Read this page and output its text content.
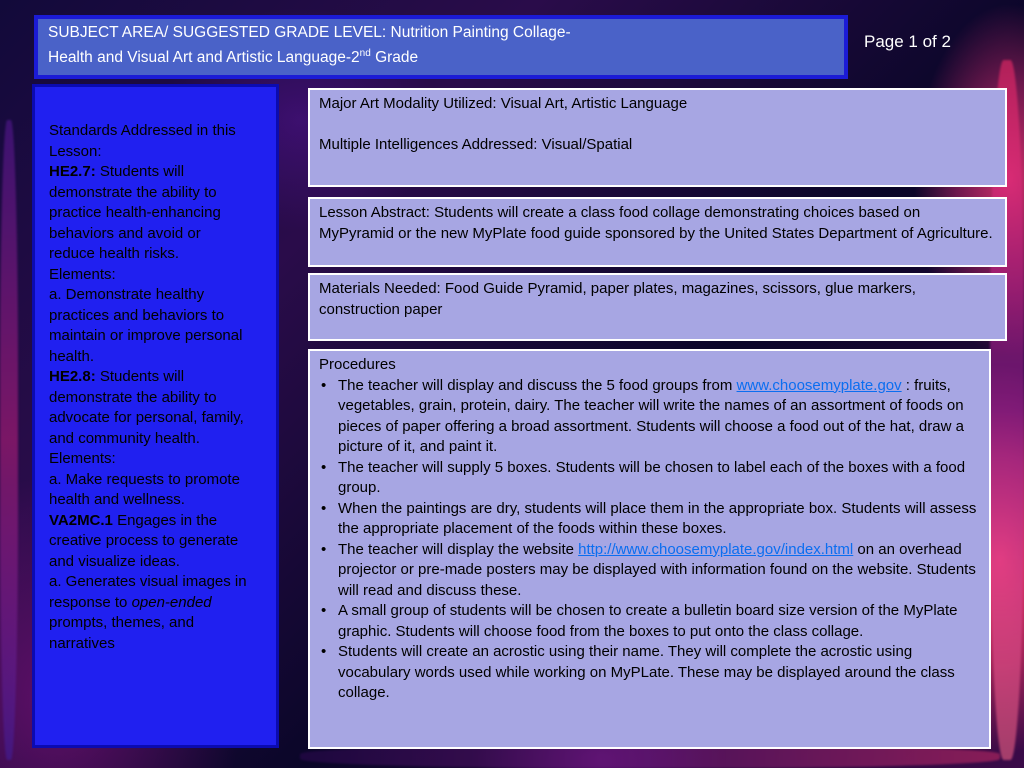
SUBJECT AREA/ SUGGESTED GRADE LEVEL: Nutrition Painting Collage-
Health and Visual Art and Artistic Language-2nd Grade
Page 1 of 2

Standards Addressed in this Lesson:

HE2.7: Students will demonstrate the ability to practice health-enhancing behaviors and avoid or reduce health risks.

Elements:

a. Demonstrate healthy practices and behaviors to maintain or improve personal health.

HE2.8: Students will demonstrate the ability to advocate for personal, family, and community health.

Elements:

a. Make requests to promote health and wellness.

VA2MC.1 Engages in the creative process to generate and visualize ideas.

a. Generates visual images in response to open-ended prompts, themes, and narratives

Major Art Modality Utilized: Visual Art, Artistic Language

Multiple Intelligences Addressed: Visual/Spatial

Lesson Abstract: Students will create a class food collage demonstrating choices based on MyPyramid or the new MyPlate food guide sponsored by the United States Department of Agriculture.
Materials Needed: Food Guide Pyramid, paper plates, magazines, scissors, glue markers, construction paper

Procedures

• The teacher will display and discuss the 5 food groups from www.choosemyplate.gov : fruits, vegetables, grain, protein, dairy. The teacher will write the names of an assortment of foods on pieces of paper offering a broad assortment. Students will choose a food out of the hat, draw a picture of it, and paint it.
• The teacher will supply 5 boxes. Students will be chosen to label each of the boxes with a food group.
• When the paintings are dry, students will place them in the appropriate box. Students will assess the appropriate placement of the foods within these boxes.
• The teacher will display the website http://www.choosemyplate.gov/index.html on an overhead projector or pre-made posters may be displayed with information found on the website. Students will read and discuss these.
• A small group of students will be chosen to create a bulletin board size version of the MyPlate graphic. Students will choose food from the boxes to put onto the class collage.
• Students will create an acrostic using their name. They will complete the acrostic using vocabulary words used while working on MyPLate. These may be displayed around the class collage.
